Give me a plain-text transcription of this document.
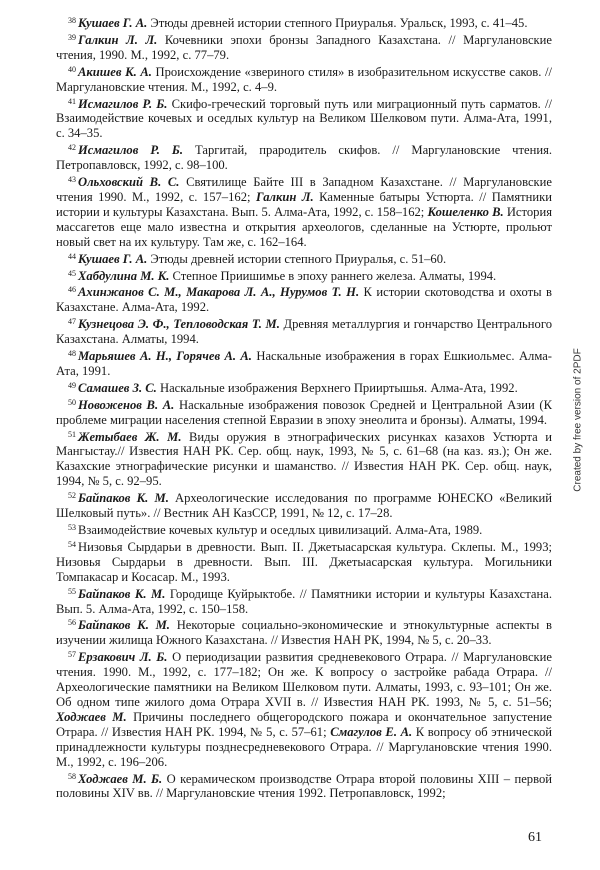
$^{38}$ Кушаев Г. А. Этюды древней истории степного Приуралья. Уральск, 1993, с. 41–45.

$^{39}$ Галкин Л. Л. Кочевники эпохи бронзы Западного Казахстана. // Маргулановские чтения, 1990. М., 1992, с. 77–79.

$^{40}$ Акишев К. А. Происхождение «звериного стиля» в изобразительном искусстве саков. // Маргулановские чтения. М., 1992, с. 4–9.

$^{41}$ Исмагилов Р. Б. Скифо-греческий торговый путь или миграционный путь сарматов. // Взаимодействие кочевых и оседлых культур на Великом Шелковом пути. Алма-Ата, 1991, с. 34–35.

$^{42}$ Исмагилов Р. Б. Таргитай, прародитель скифов. // Маргулановские чтения. Петропавловск, 1992, с. 98–100.

$^{43}$ Ольховский В. С. Святилище Байте III в Западном Казахстане. // Маргулановские чтения 1990. М., 1992, с. 157–162; Галкин Л. Каменные батыры Устюрта. // Памятники истории и культуры Казахстана. Вып. 5. Алма-Ата, 1992, с. 158–162; Кошеленко В. История массагетов еще мало известна и открытия археологов, сделанные на Устюрте, прольют новый свет на их культуру. Там же, с. 162–164.

$^{44}$ Кушаев Г. А. Этюды древней истории степного Приуралья, с. 51–60.

$^{45}$ Хабдулина М. К. Степное Приишимье в эпоху раннего железа. Алматы, 1994.

$^{46}$ Ахинжанов С. М., Макарова Л. А., Нурумов Т. Н. К истории скотоводства и охоты в Казахстане. Алма-Ата, 1992.

$^{47}$ Кузнецова Э. Ф., Тепловодская Т. М. Древняя металлургия и гончарство Центрального Казахстана. Алматы, 1994.

$^{48}$ Марьяшев А. Н., Горячев А. А. Наскальные изображения в горах Ешкиольмес. Алма-Ата, 1991.

$^{49}$ Самашев З. С. Наскальные изображения Верхнего Прииртышья. Алма-Ата, 1992.

$^{50}$ Новоженов В. А. Наскальные изображения повозок Средней и Центральной Азии (К проблеме миграции населения степной Евразии в эпоху энеолита и бронзы). Алматы, 1994.

$^{51}$ Жетыбаев Ж. М. Виды оружия в этнографических рисунках казахов Устюрта и Мангыстау.// Известия НАН РК. Сер. общ. наук, 1993, № 5, с. 61–68 (на каз. яз.); Он же. Казахские этнографические рисунки и шаманство. // Известия НАН РК. Сер. общ. наук, 1994, № 5, с. 92–95.

$^{52}$ Байпаков К. М. Археологические исследования по программе ЮНЕСКО «Великий Шелковый путь». // Вестник АН КазССР, 1991, № 12, с. 17–28.

$^{53}$ Взаимодействие кочевых культур и оседлых цивилизаций. Алма-Ата, 1989.

$^{54}$ Низовья Сырдарьи в древности. Вып. II. Джетыасарская культура. Склепы. М., 1993; Низовья Сырдарьи в древности. Вып. III. Джетыасарская культура. Могильники Томпакасар и Косасар. М., 1993.

$^{55}$ Байпаков К. М. Городище Куйрыктобе. // Памятники истории и культуры Казахстана. Вып. 5. Алма-Ата, 1992, с. 150–158.

$^{56}$ Байпаков К. М. Некоторые социально-экономические и этнокультурные аспекты в изучении жилища Южного Казахстана. // Известия НАН РК, 1994, № 5, с. 20–33.

$^{57}$ Ерзакович Л. Б. О периодизации развития средневекового Отрара. // Маргулановские чтения. 1990. М., 1992, с. 177–182; Он же. К вопросу о застройке рабада Отрара. // Археологические памятники на Великом Шелковом пути. Алматы, 1993, с. 93–101; Он же. Об одном типе жилого дома Отрара XVII в. // Известия НАН РК. 1993, № 5, с. 51–56; Ходжаев М. Причины последнего общегородского пожара и окончательное запустение Отрара. // Известия НАН РК. 1994, № 5, с. 57–61; Смагулов Е. А. К вопросу об этнической принадлежности культуры позднесредневекового Отрара. // Маргулановские чтения 1990. М., 1992, с. 196–206.

$^{58}$ Ходжаев М. Б. О керамическом производстве Отрара второй половины XIII – первой половины XIV вв. // Маргулановские чтения 1992. Петропавловск, 1992;

Created by free version of 2PDF
61
